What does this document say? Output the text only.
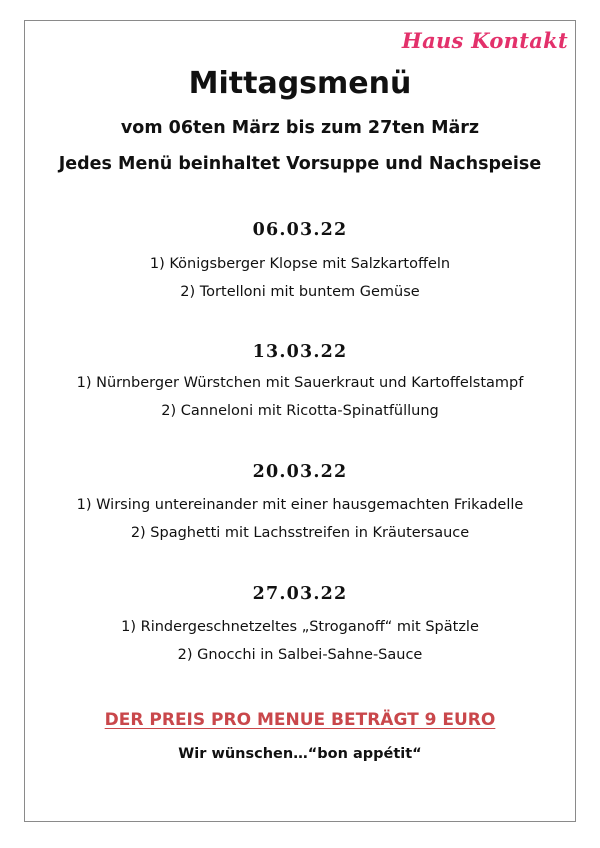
Haus Kontakt
Mittagsmenü
vom 06ten März bis zum 27ten März
Jedes Menü beinhaltet Vorsuppe und Nachspeise
06.03.22
1) Königsberger Klopse mit Salzkartoffeln
2) Tortelloni mit buntem Gemüse
13.03.22
1) Nürnberger Würstchen mit Sauerkraut und Kartoffelstampf
2) Canneloni mit Ricotta-Spinatfüllung
20.03.22
1) Wirsing untereinander mit einer hausgemachten Frikadelle
2) Spaghetti mit Lachsstreifen in Kräutersauce
27.03.22
1) Rindergeschnetzeltes „Stroganoff“ mit Spätzle
2) Gnocchi in Salbei-Sahne-Sauce
DER PREIS PRO MENUE BETRÄGT 9 EURO
Wir wünschen…“bon appétit“
